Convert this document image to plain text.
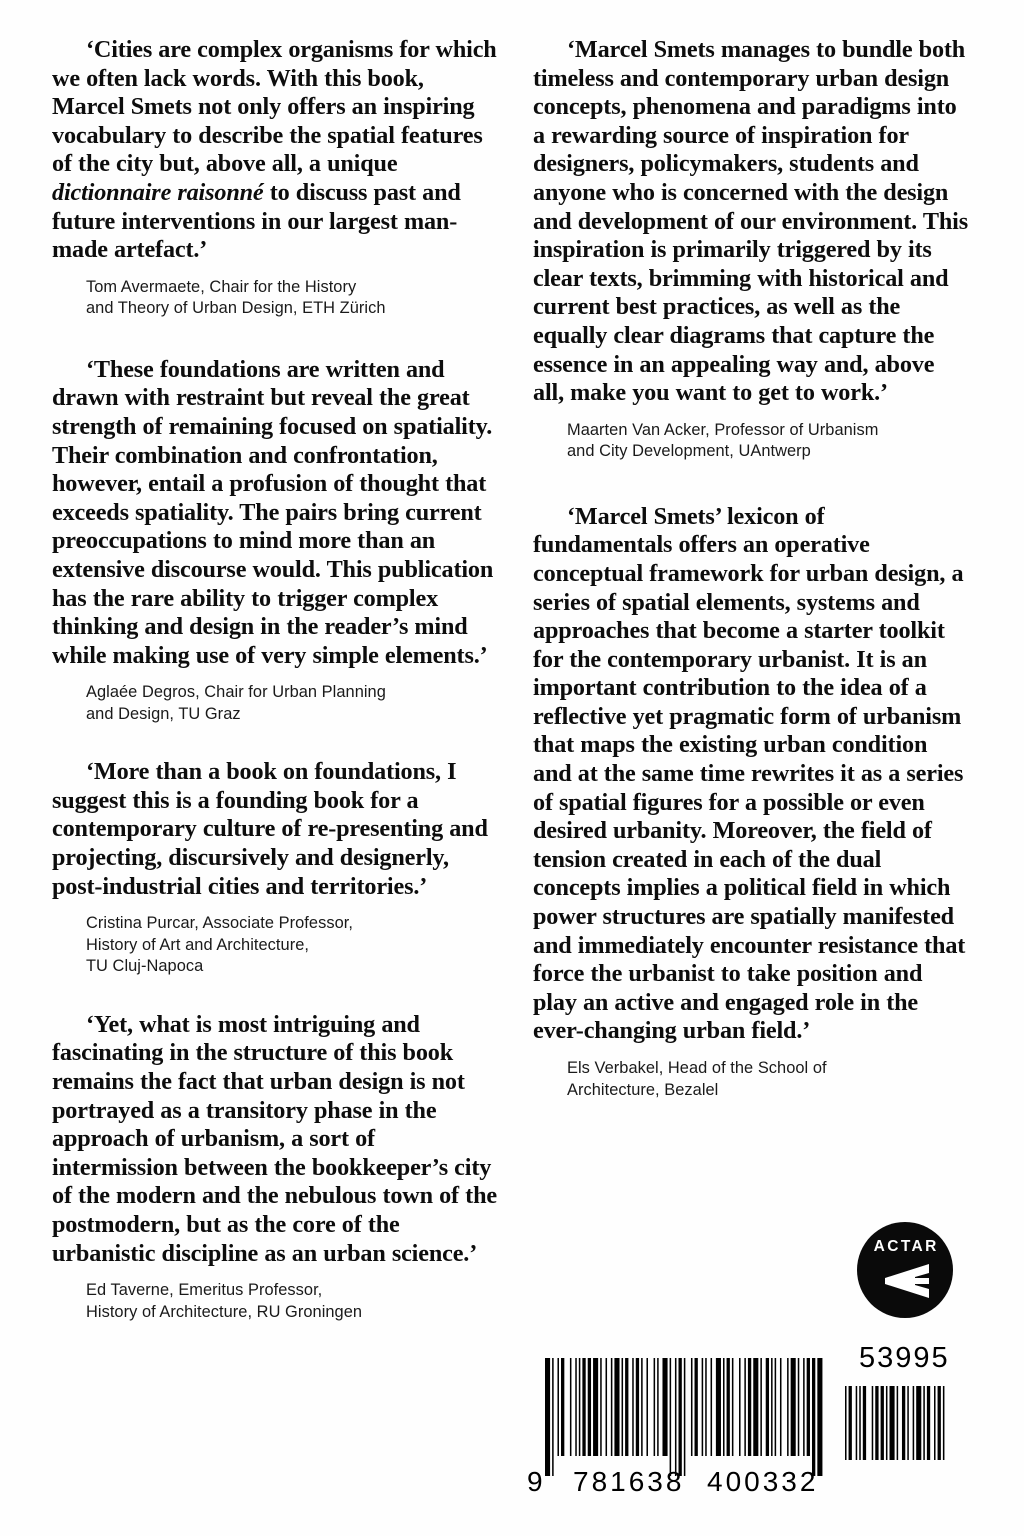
‘Cities are complex organisms for which we often lack words. With this book, Marcel Smets not only offers an inspiring vocabulary to describe the spatial features of the city but, above all, a unique dictionnaire raisonné to discuss past and future interventions in our largest man-made artefact.’

Tom Avermaete, Chair for the History
and Theory of Urban Design, ETH Zürich

‘These foundations are written and drawn with restraint but reveal the great strength of remaining focused on spatiality. Their combination and confrontation, however, entail a profusion of thought that exceeds spatiality. The pairs bring current preoccupations to mind more than an extensive discourse would. This publication has the rare ability to trigger complex thinking and design in the reader’s mind while making use of very simple elements.’

Aglaée Degros, Chair for Urban Planning
and Design, TU Graz

‘More than a book on foundations, I suggest this is a founding book for a contemporary culture of re-presenting and projecting, discursively and designerly, post-industrial cities and territories.’

Cristina Purcar, Associate Professor,
History of Art and Architecture,
TU Cluj-Napoca

‘Yet, what is most intriguing and fascinating in the structure of this book remains the fact that urban design is not portrayed as a transitory phase in the approach of urbanism, a sort of intermission between the bookkeeper’s city of the modern and the nebulous town of the postmodern, but as the core of the urbanistic discipline as an urban science.’

Ed Taverne, Emeritus Professor,
History of Architecture, RU Groningen

‘Marcel Smets manages to bundle both timeless and contemporary urban design concepts, phenomena and paradigms into a rewarding source of inspiration for designers, policymakers, students and anyone who is concerned with the design and development of our environment. This inspiration is primarily triggered by its clear texts, brimming with historical and current best practices, as well as the equally clear diagrams that capture the essence in an appealing way and, above all, make you want to get to work.’

Maarten Van Acker, Professor of Urbanism
and City Development, UAntwerp

‘Marcel Smets’ lexicon of fundamentals offers an operative conceptual framework for urban design, a series of spatial elements, systems and approaches that become a starter toolkit for the contemporary urbanist. It is an important contribution to the idea of a reflective yet pragmatic form of urbanism that maps the existing urban condition and at the same time rewrites it as a series of spatial figures for a possible or even desired urbanity. Moreover, the field of tension created in each of the dual concepts implies a political field in which power structures are spatially manifested and immediately encounter resistance that force the urbanist to take position and play an active and engaged role in the ever-changing urban field.’

Els Verbakel, Head of the School of
Architecture, Bezalel

ACTAR
9 781638 400332
53995
